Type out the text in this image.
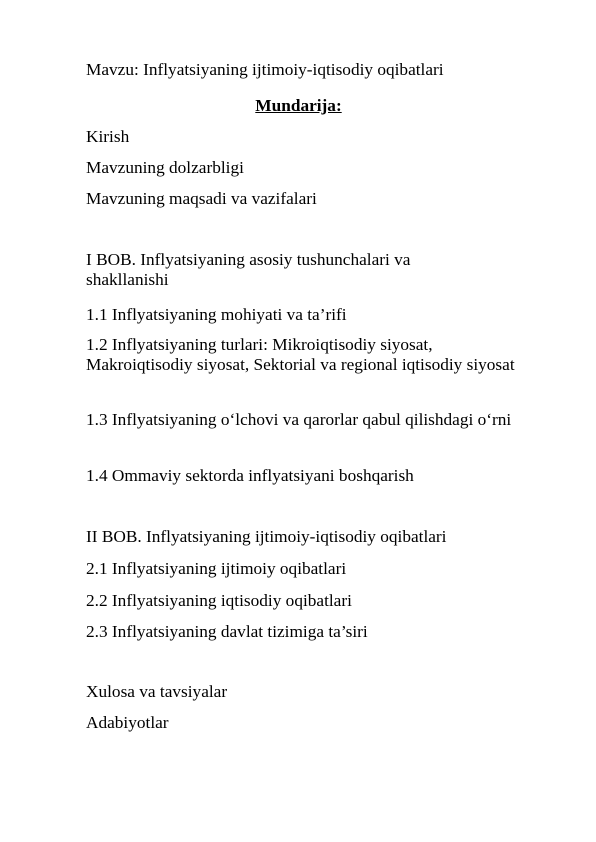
Mavzu: Inflyatsiyaning ijtimoiy-iqtisodiy oqibatlari
Mundarija:
Kirish
Mavzuning dolzarbligi
Mavzuning maqsadi va vazifalari
I BOB. Inflyatsiyaning asosiy tushunchalari va shakllanishi
1.1 Inflyatsiyaning mohiyati va ta’rifi
1.2 Inflyatsiyaning turlari: Mikroiqtisodiy siyosat, Makroiqtisodiy siyosat, Sektorial va regional iqtisodiy siyosat
1.3 Inflyatsiyaning o‘lchovi va qarorlar qabul qilishdagi o‘rni
1.4 Ommaviy sektorda inflyatsiyani boshqarish
II BOB. Inflyatsiyaning ijtimoiy-iqtisodiy oqibatlari
2.1 Inflyatsiyaning ijtimoiy oqibatlari
2.2 Inflyatsiyaning iqtisodiy oqibatlari
2.3 Inflyatsiyaning davlat tizimiga ta’siri
Xulosa va tavsiyalar
Adabiyotlar
